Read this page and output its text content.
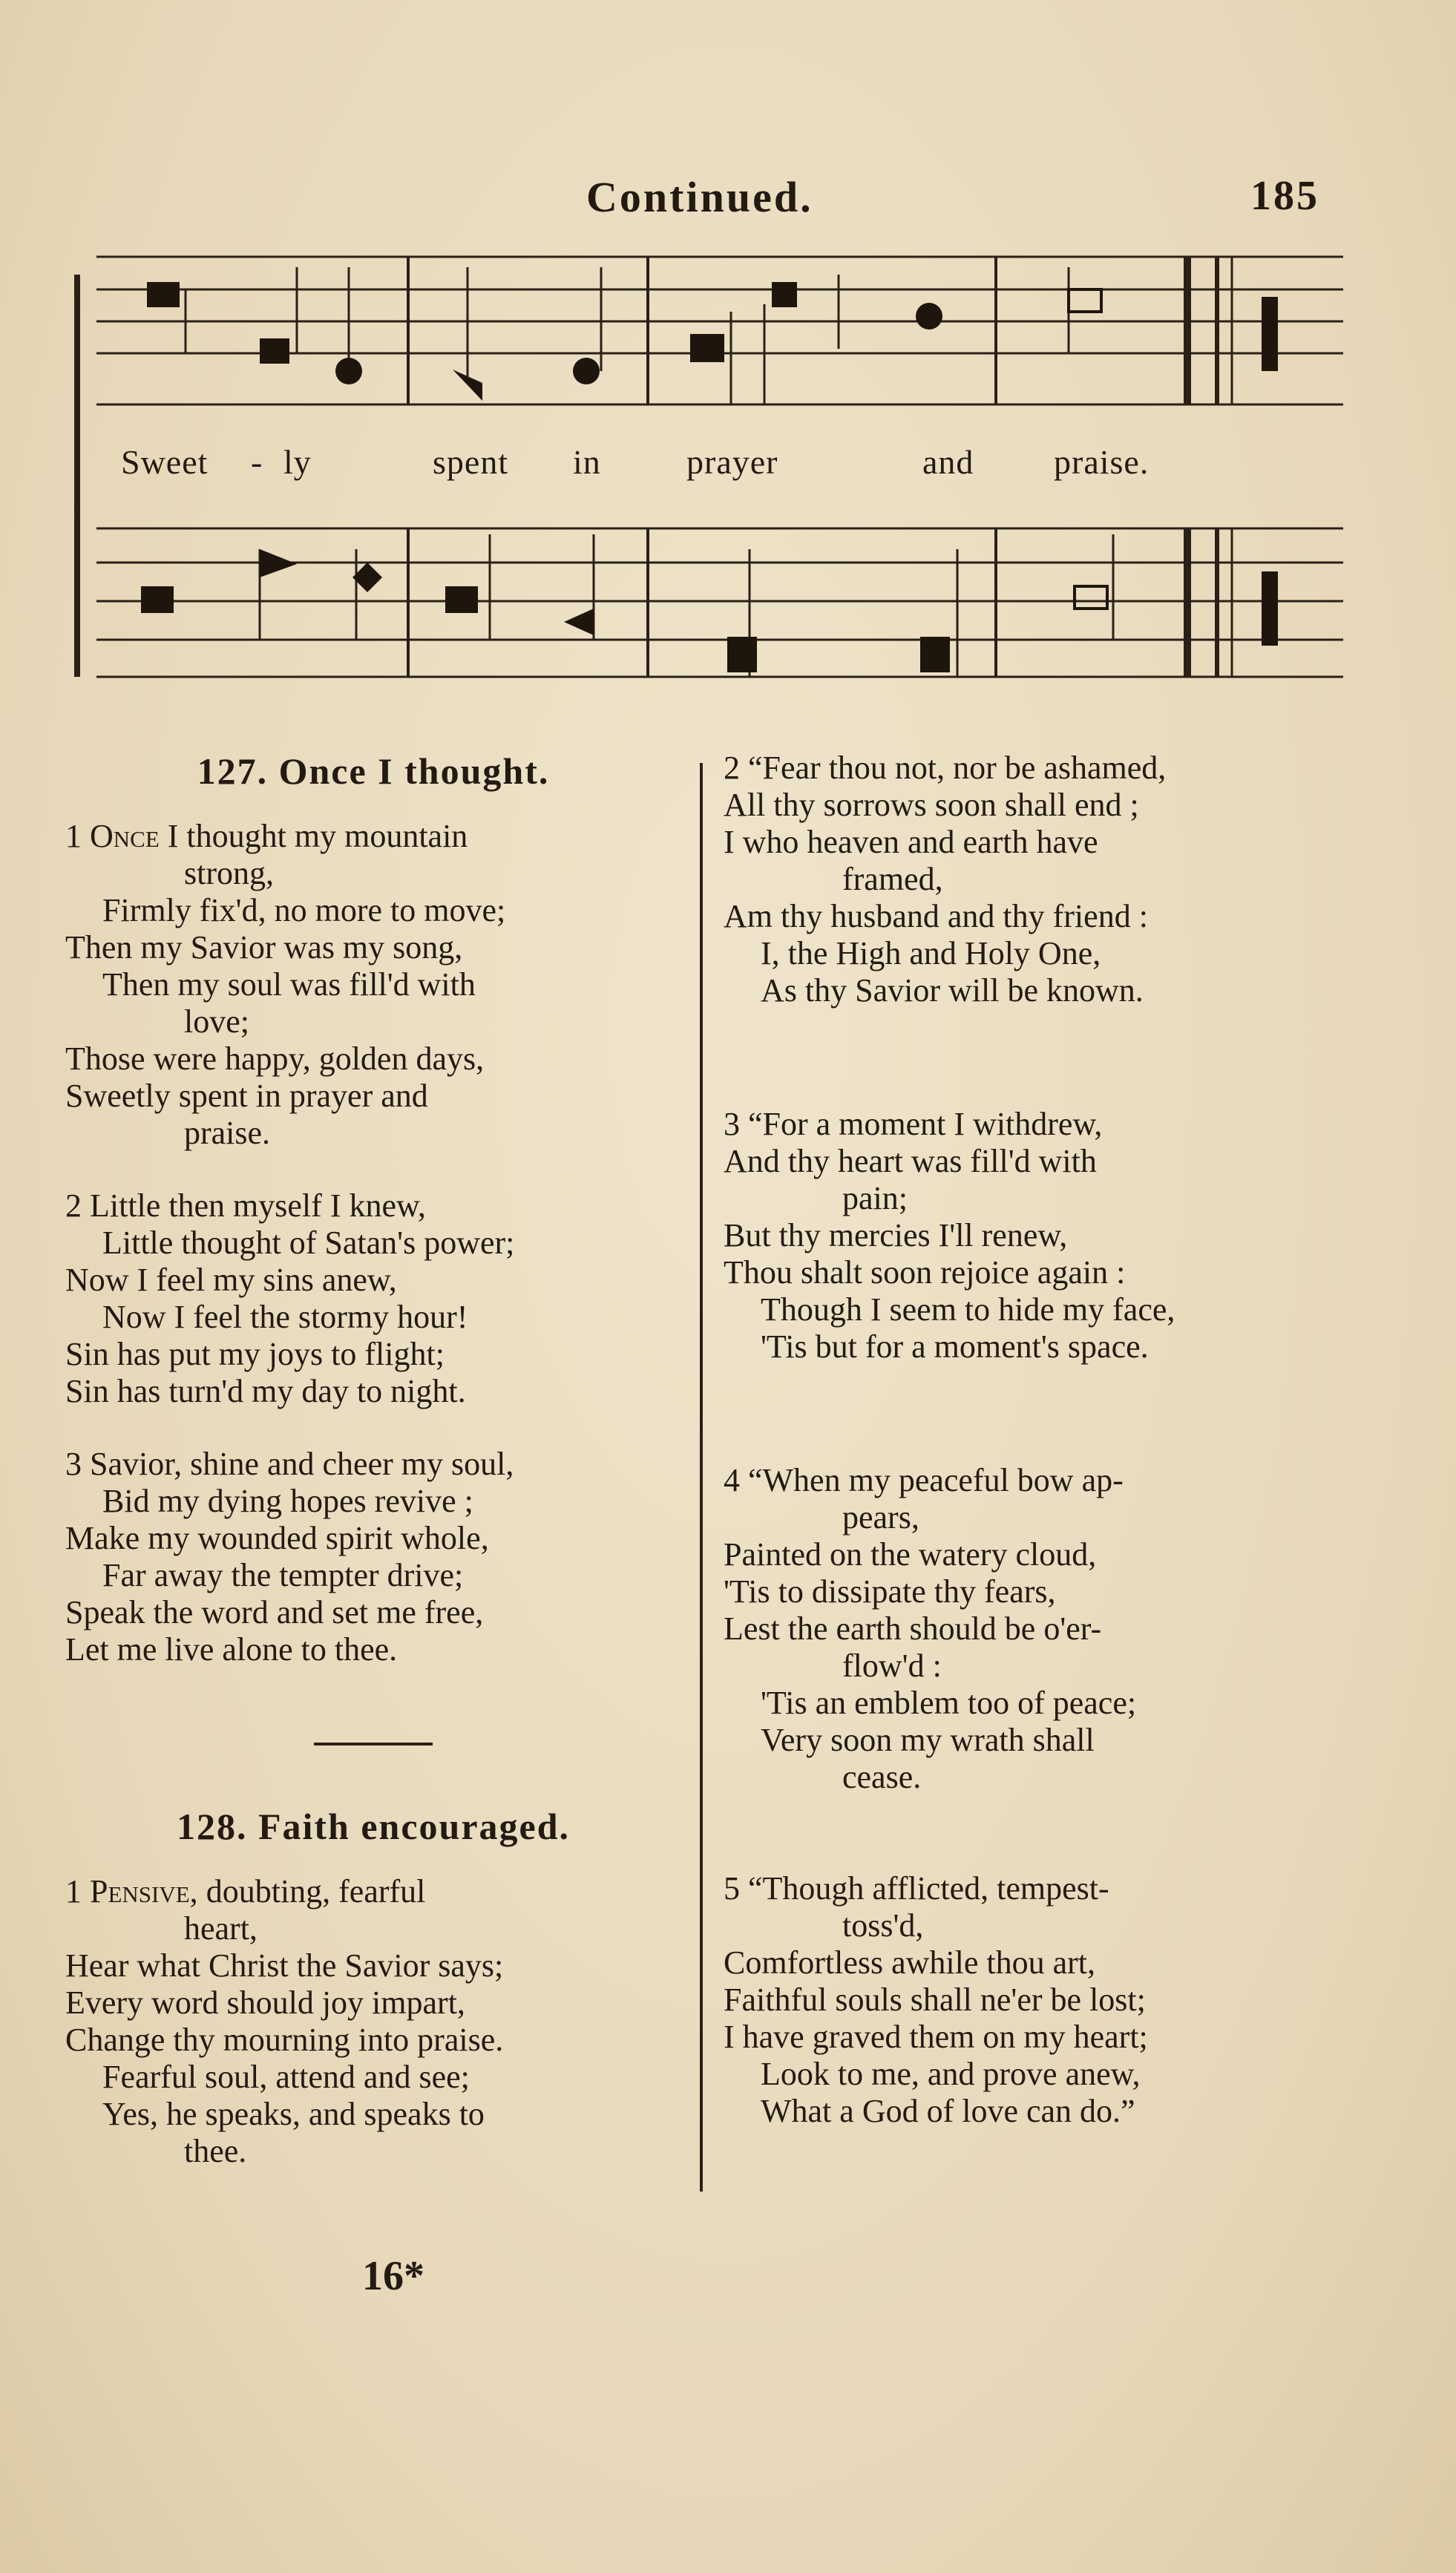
Continued.	185
Sweet - ly	spent in	prayer	and praise.

127. Once I thought.

1 Once I thought my mountain
strong,
Firmly fix'd, no more to move;
Then my Savior was my song,
Then my soul was fill'd with
love;
Those were happy, golden days,
Sweetly spent in prayer and
praise.
2 Little then myself I knew,
Little thought of Satan's power;
Now I feel my sins anew,
Now I feel the stormy hour!
Sin has put my joys to flight;
Sin has turn'd my day to night.
3 Savior, shine and cheer my soul,
Bid my dying hopes revive ;
Make my wounded spirit whole,
Far away the tempter drive;
Speak the word and set me free,
Let me live alone to thee.

128. Faith encouraged.

1 Pensive, doubting, fearful
heart,
Hear what Christ the Savior says;
Every word should joy impart,
Change thy mourning into praise.
Fearful soul, attend and see;
Yes, he speaks, and speaks to
thee.
2 “Fear thou not, nor be ashamed,
All thy sorrows soon shall end ;
I who heaven and earth have
framed,
Am thy husband and thy friend :
I, the High and Holy One,
As thy Savior will be known.
3 “For a moment I withdrew,
And thy heart was fill'd with
pain;
But thy mercies I'll renew,
Thou shalt soon rejoice again :
Though I seem to hide my face,
'Tis but for a moment's space.
4 “When my peaceful bow ap-
pears,
Painted on the watery cloud,
'Tis to dissipate thy fears,
Lest the earth should be o'er-
flow'd :
'Tis an emblem too of peace;
Very soon my wrath shall
cease.
5 “Though afflicted, tempest-
toss'd,
Comfortless awhile thou art,
Faithful souls shall ne'er be lost;
I have graved them on my heart;
Look to me, and prove anew,
What a God of love can do.”
16*
